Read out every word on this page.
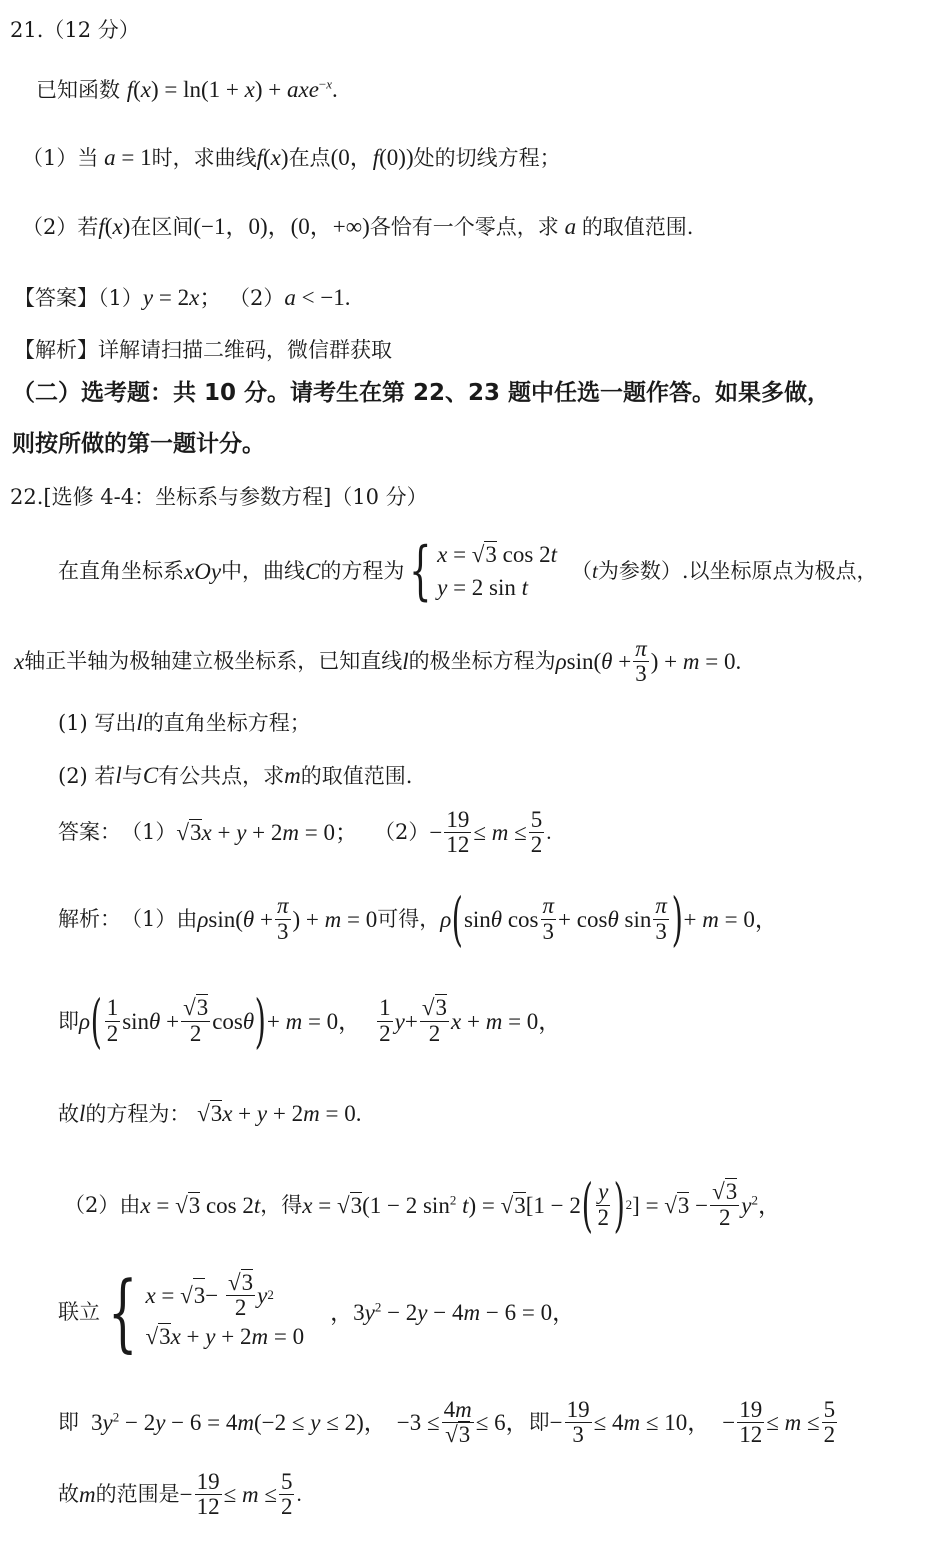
21.（12 分）
已知函数 f(x) = ln(1 + x) + axe$^{-x}$.
（1）当 a = 1时，求曲线f(x)在点(0，f(0))处的切线方程；
（2）若f(x)在区间(−1，0)，(0，+∞)各恰有一个零点，求 a 的取值范围.
【答案】（1）y = 2x； （2）a < −1.
【解析】详解请扫描二维码，微信群获取
（二）选考题：共 10 分。请考生在第 22、23 题中任选一题作答。如果多做，
则按所做的第一题计分。
22.[选修 4-4：坐标系与参数方程]（10 分）
在直角坐标系 xOy 中，曲线 C 的方程为 { x = √3 cos 2t
y = 2 sin t
（ t 为参数）.以坐标原点为极点，
x 轴正半轴为极轴建立极坐标系，已知直线 l 的极坐标方程为 $\rho\sin(\theta + \frac{\pi}{3}$ ) + m = 0.
(1) 写出l的直角坐标方程；
(2) 若l与C有公共点，求m的取值范围.
答案： （1） √3x + y + 2m = 0； $(2) - \frac{19}{12} \le m \le \frac{5}{2}$ .
解析： （1）由 $\rho\sin(\theta + \frac{\pi}{3}$ ) + m = 0 可得， ρ ( sinθ $\cos \frac{\pi}{3} + \cos\theta$ $\sin \frac{\pi}{3}$ ) + m = 0，
即 ρ ( $\frac{1}{2}$ $\sin\theta + \frac{√3}{2}$ cosθ ) + m = 0， $\frac{1}{2}$ $y + \frac{√3}{2}$ x + m = 0，
故l的方程为： √3x + y + 2m = 0.
（2）由 x = √3 cos 2t ，得 x = √3(1 − 2 $\sin^2 t) = √3[1 - 2$ ( $\frac{y}{2}$ ) 2 ] = $√3 - \frac{√3}{2} y^2$，
联立 { x = √ $3 - \frac{√3}{2}$ y 2
√3x + y + 2m = 0
，$3y^2 - 2y - 4m - 6 = 0$，
即 $3y^2 - 2y - 6 = 4m(-2 \le y \le 2)$， $-3 \le \frac{4m}{√3} \le 6$， 即 − $\frac{19}{3} \le 4m \le 10$， − $\frac{19}{12} \le m \le \frac{5}{2}$
故 m 的范围是 − $\frac{19}{12} \le m \le \frac{5}{2}$ .
